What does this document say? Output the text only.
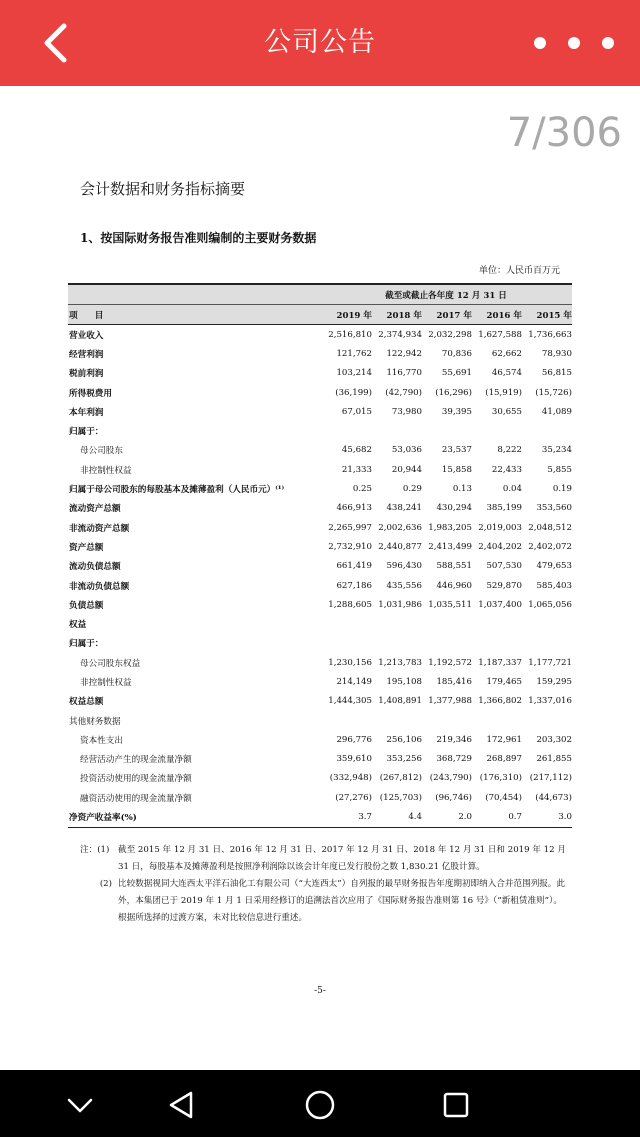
公司公告
7/306
会计数据和财务指标摘要
1、按国际财务报告准则编制的主要财务数据
单位：人民币百万元
截至或截止各年度 12 月 31 日
项　　目	2019 年	2018 年	2017 年	2016 年	2015 年
营业收入	2,516,810 2,374,934 2,032,298 1,627,588 1,736,663
经营利润	121,762	122,942	70,836	62,662	78,930
税前利润	103,214	116,770	55,691	46,574	56,815
所得税费用	(36,199)	(42,790)	(16,296)	(15,919)	(15,726)
本年利润	67,015	73,980	39,395	30,655	41,089
归属于：
母公司股东	45,682	53,036	23,537	8,222	35,234
非控制性权益	21,333	20,944	15,858	22,433	5,855
归属于母公司股东的每股基本及摊薄盈利（人民币元）⁽¹⁾	0.25	0.29	0.13	0.04	0.19
流动资产总额	466,913	438,241	430,294	385,199	353,560
非流动资产总额	2,265,997 2,002,636 1,983,205 2,019,003 2,048,512
资产总额	2,732,910 2,440,877 2,413,499 2,404,202 2,402,072
流动负债总额	661,419	596,430	588,551	507,530	479,653
非流动负债总额	627,186	435,556	446,960	529,870	585,403
负债总额	1,288,605 1,031,986 1,035,511 1,037,400 1,065,056
权益
归属于：
母公司股东权益	1,230,156 1,213,783 1,192,572 1,187,337 1,177,721
非控制性权益	214,149	195,108	185,416	179,465	159,295
权益总额	1,444,305 1,408,891 1,377,988 1,366,802 1,337,016
其他财务数据
资本性支出	296,776	256,106	219,346	172,961	203,302
经营活动产生的现金流量净额	359,610	353,256	368,729	268,897	261,855
投资活动使用的现金流量净额	(332,948) (267,812) (243,790) (176,310) (217,112)
融资活动使用的现金流量净额	(27,276) (125,703)	(96,746)	(70,454)	(44,673)
净资产收益率(%)	3.7	4.4	2.0	0.7	3.0
注：(1)	截至 2015 年 12 月 31 日、2016 年 12 月 31 日、2017 年 12 月 31 日、2018 年 12 月 31 日和 2019 年 12 月 31 日，每股基本及摊薄盈利是按照净利润除以该会计年度已发行股份之数 1,830.21 亿股计算。
(2) 比较数据视同大连西太平洋石油化工有限公司（“大连西太”）自列报的最早财务报告年度期初即纳入合并范围列报。此外，本集团已于 2019 年 1 月 1 日采用经修订的追溯法首次应用了《国际财务报告准则第 16 号》（“新租赁准则”）。根据所选择的过渡方案，未对比较信息进行重述。
-5-
